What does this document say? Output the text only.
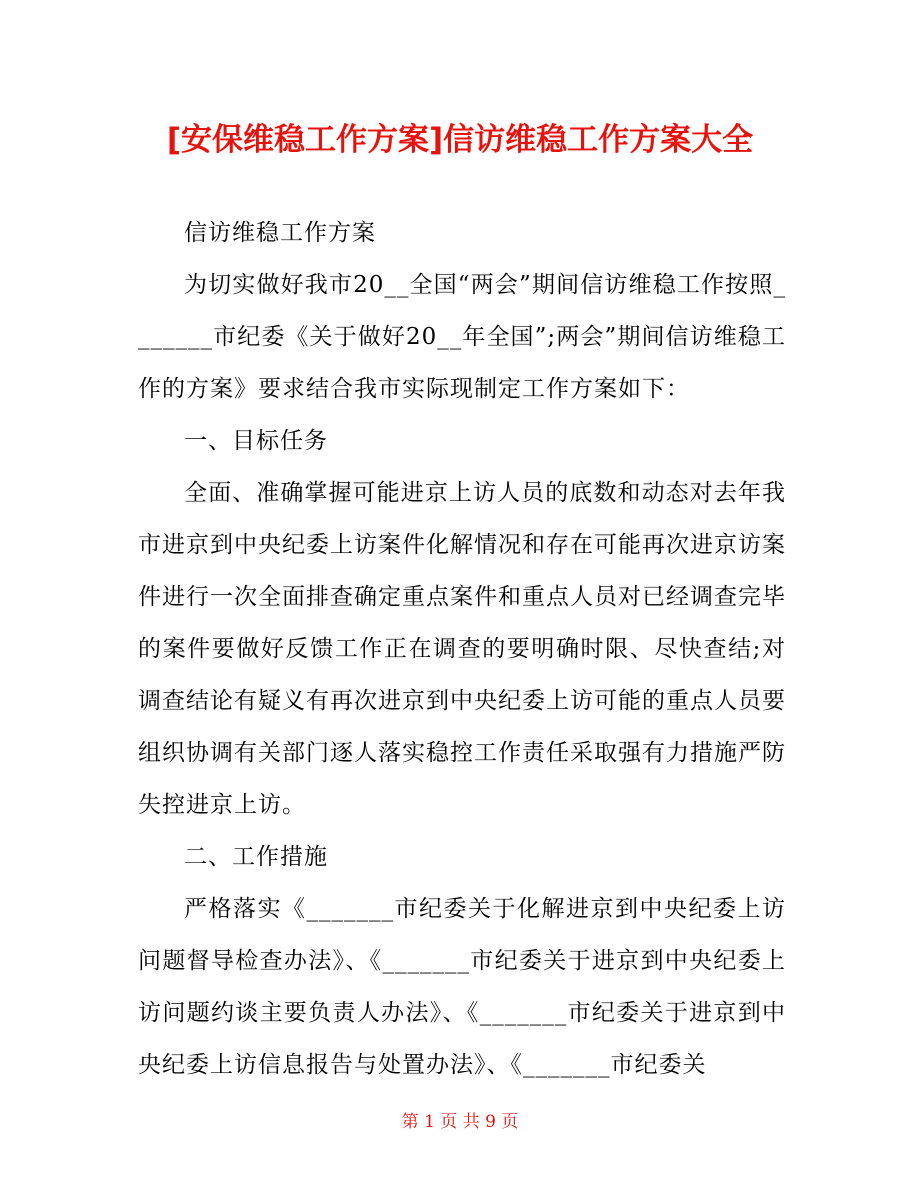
[安保维稳工作方案]信访维稳工作方案大全

信访维稳工作方案

为切实做好我市20__全国“两会”期间信访维稳工作按照_______市纪委《关于做好20__年全国”;两会”期间信访维稳工作的方案》要求结合我市实际现制定工作方案如下：

一、目标任务

全面、准确掌握可能进京上访人员的底数和动态对去年我市进京到中央纪委上访案件化解情况和存在可能再次进京访案件进行一次全面排查确定重点案件和重点人员对已经调查完毕的案件要做好反馈工作正在调查的要明确时限、尽快查结;对调查结论有疑义有再次进京到中央纪委上访可能的重点人员要组织协调有关部门逐人落实稳控工作责任采取强有力措施严防失控进京上访。

二、工作措施

严格落实《_______市纪委关于化解进京到中央纪委上访问题督导检查办法》、《_______市纪委关于进京到中央纪委上访问题约谈主要负责人办法》、《_______市纪委关于进京到中央纪委上访信息报告与处置办法》、《_______市纪委关

第 1 页 共 9 页
